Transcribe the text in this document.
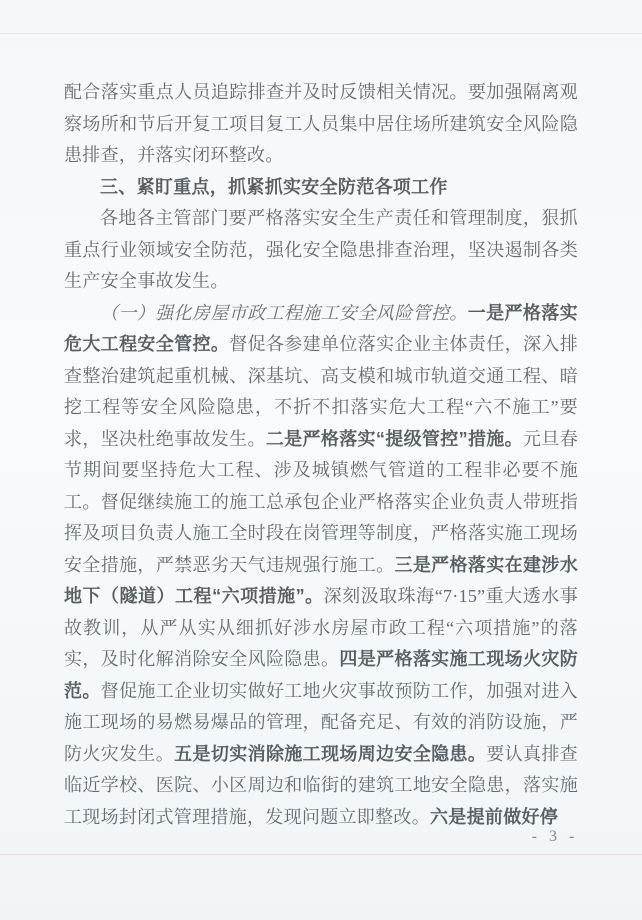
配合落实重点人员追踪排查并及时反馈相关情况。要加强隔离观察场所和节后开复工项目复工人员集中居住场所建筑安全风险隐患排查，并落实闭环整改。

三、紧盯重点，抓紧抓实安全防范各项工作

各地各主管部门要严格落实安全生产责任和管理制度，狠抓重点行业领域安全防范，强化安全隐患排查治理，坚决遏制各类生产安全事故发生。

（一）强化房屋市政工程施工安全风险管控。一是严格落实危大工程安全管控。督促各参建单位落实企业主体责任，深入排查整治建筑起重机械、深基坑、高支模和城市轨道交通工程、暗挖工程等安全风险隐患，不折不扣落实危大工程“六不施工”要求，坚决杜绝事故发生。二是严格落实“提级管控”措施。元旦春节期间要坚持危大工程、涉及城镇燃气管道的工程非必要不施工。督促继续施工的施工总承包企业严格落实企业负责人带班指挥及项目负责人施工全时段在岗管理等制度，严格落实施工现场安全措施，严禁恶劣天气违规强行施工。三是严格落实在建涉水地下（隧道）工程“六项措施”。深刻汲取珠海“7·15”重大透水事故教训，从严从实从细抓好涉水房屋市政工程“六项措施”的落实，及时化解消除安全风险隐患。四是严格落实施工现场火灾防范。督促施工企业切实做好工地火灾事故预防工作，加强对进入施工现场的易燃易爆品的管理，配备充足、有效的消防设施，严防火灾发生。五是切实消除施工现场周边安全隐患。要认真排查临近学校、医院、小区周边和临街的建筑工地安全隐患，落实施工现场封闭式管理措施，发现问题立即整改。六是提前做好停

- 3 -
